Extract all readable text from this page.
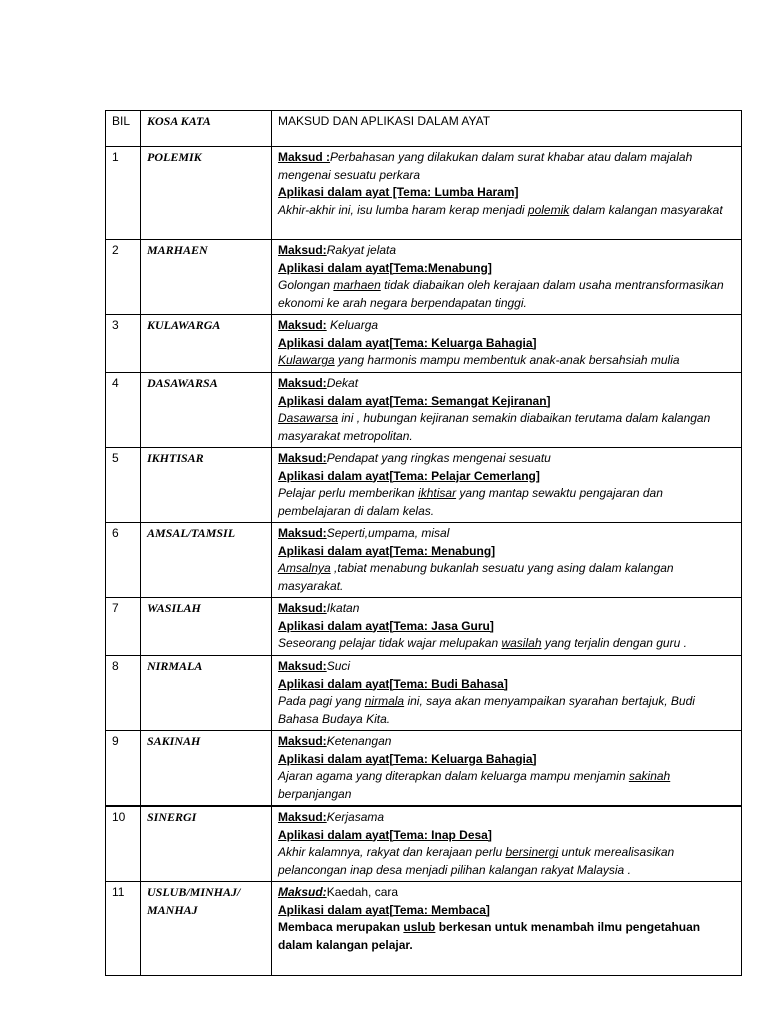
BIL	KOSA KATA	MAKSUD DAN APLIKASI DALAM AYAT
1	POLEMIK	Maksud :Perbahasan yang dilakukan dalam surat khabar atau dalam majalah mengenai sesuatu perkara
Aplikasi dalam ayat [Tema: Lumba Haram]
Akhir-akhir ini, isu lumba haram kerap menjadi polemik dalam kalangan masyarakat

2	MARHAEN	Maksud:Rakyat jelata
Aplikasi dalam ayat[Tema:Menabung]
Golongan marhaen tidak diabaikan oleh kerajaan dalam usaha mentransformasikan ekonomi ke arah negara berpendapatan tinggi.

3	KULAWARGA	Maksud: Keluarga
Aplikasi dalam ayat[Tema: Keluarga Bahagia]
Kulawarga yang harmonis mampu membentuk anak-anak bersahsiah mulia

4	DASAWARSA	Maksud:Dekat
Aplikasi dalam ayat[Tema: Semangat Kejiranan]
Dasawarsa ini , hubungan kejiranan semakin diabaikan terutama dalam kalangan masyarakat metropolitan.

5	IKHTISAR	Maksud:Pendapat yang ringkas mengenai sesuatu
Aplikasi dalam ayat[Tema: Pelajar Cemerlang]
Pelajar perlu memberikan ikhtisar yang mantap sewaktu pengajaran dan pembelajaran di dalam kelas.

6	AMSAL/TAMSIL	Maksud:Seperti,umpama, misal
Aplikasi dalam ayat[Tema: Menabung]
Amsalnya ,tabiat menabung bukanlah sesuatu yang asing dalam kalangan masyarakat.

7	WASILAH	Maksud:Ikatan
Aplikasi dalam ayat[Tema: Jasa Guru]
Seseorang pelajar tidak wajar melupakan wasilah yang terjalin dengan guru .

8	NIRMALA	Maksud:Suci
Aplikasi dalam ayat[Tema: Budi Bahasa]
Pada pagi yang nirmala ini, saya akan menyampaikan syarahan bertajuk, Budi Bahasa Budaya Kita.

9	SAKINAH	Maksud:Ketenangan
Aplikasi dalam ayat[Tema: Keluarga Bahagia]
Ajaran agama yang diterapkan dalam keluarga mampu menjamin sakinah berpanjangan

10	SINERGI	Maksud:Kerjasama
Aplikasi dalam ayat[Tema: Inap Desa]
Akhir kalamnya, rakyat dan kerajaan perlu bersinergi untuk merealisasikan pelancongan inap desa menjadi pilihan kalangan rakyat Malaysia .

11	USLUB/MINHAJ/ MANHAJ	Maksud:Kaedah, cara
Aplikasi dalam ayat[Tema: Membaca]
Membaca merupakan uslub berkesan untuk menambah ilmu pengetahuan dalam kalangan pelajar.
